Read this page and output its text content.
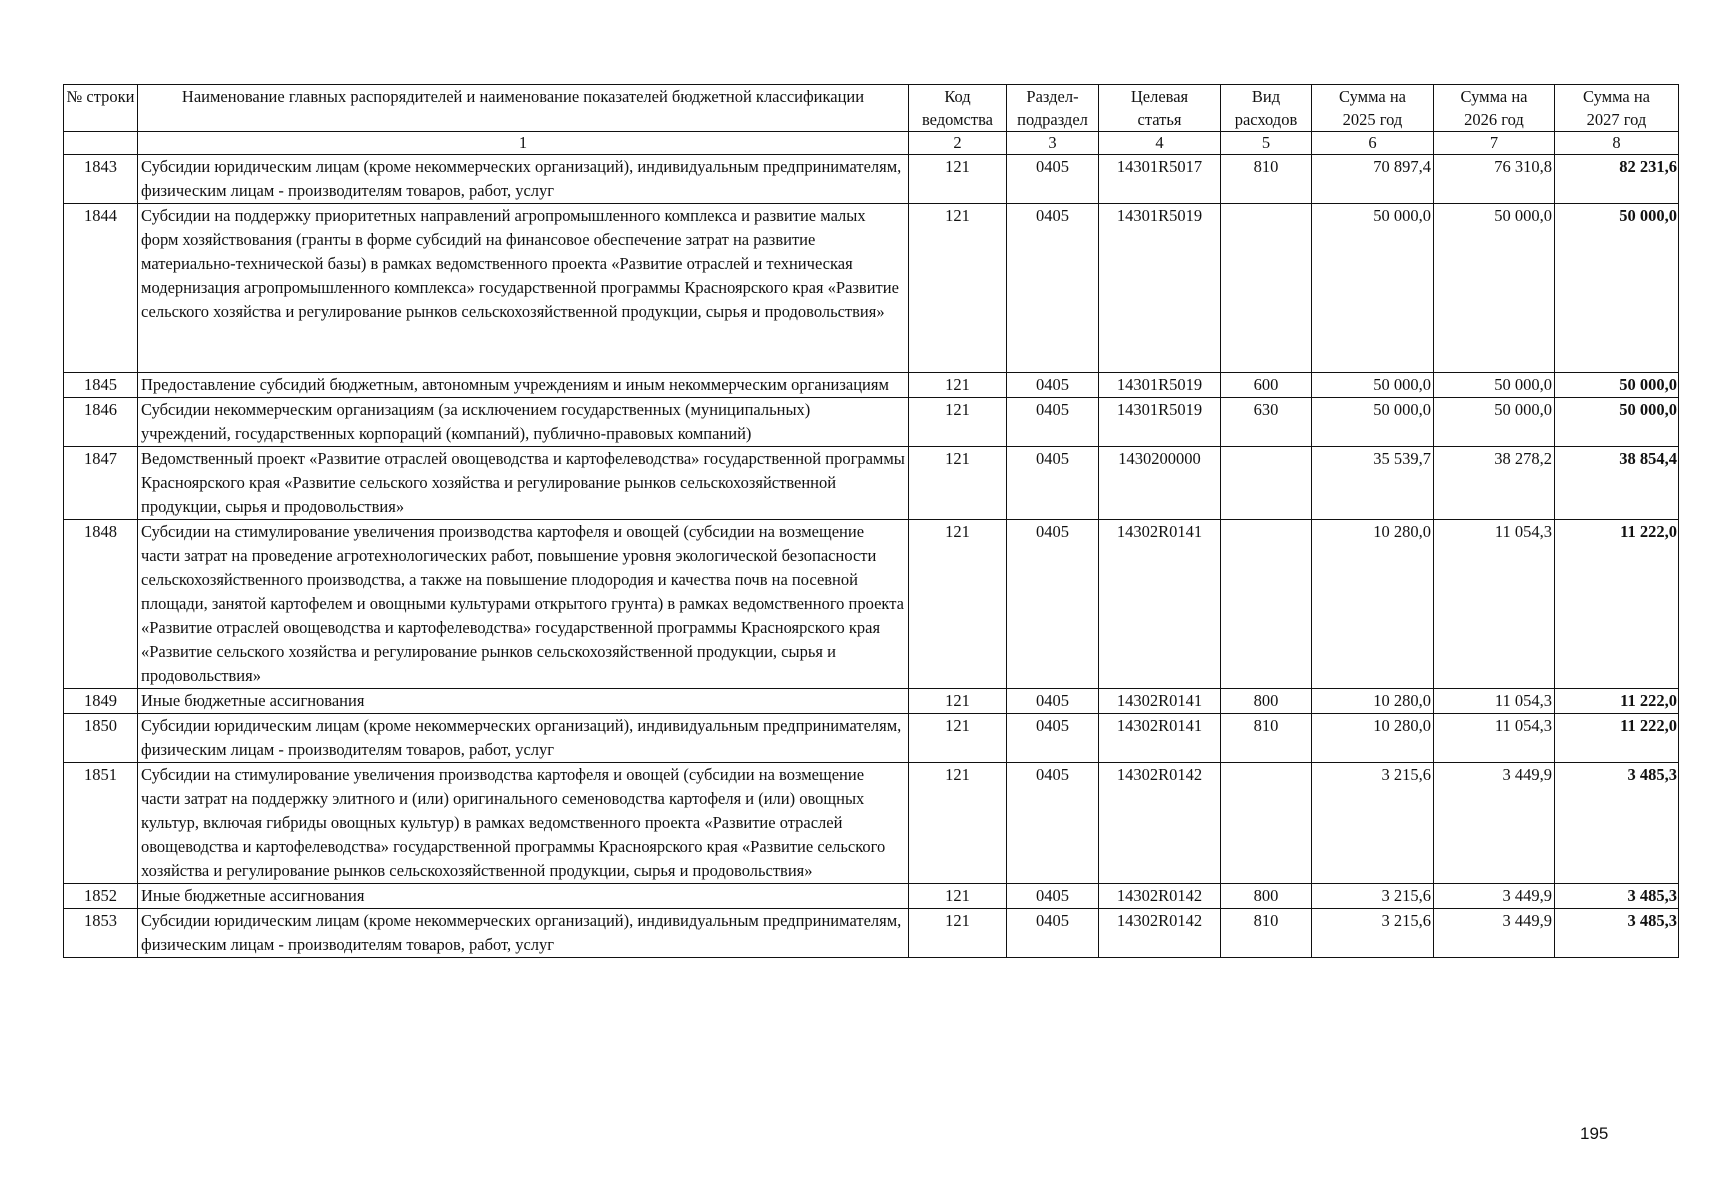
№ строки	Наименование главных распорядителей и наименование показателей бюджетной классификации	Код ведомства	Раздел-подраздел	Целевая статья	Вид расходов	Сумма на 2025 год	Сумма на 2026 год	Сумма на 2027 год
	1	2	3	4	5	6	7	8
1843	Субсидии юридическим лицам (кроме некоммерческих организаций), индивидуальным предпринимателям, физическим лицам - производителям товаров, работ, услуг	121	0405	14301R5017	810	70 897,4	76 310,8	82 231,6
1844	Субсидии на поддержку приоритетных направлений агропромышленного комплекса и развитие малых форм хозяйствования (гранты в форме субсидий на финансовое обеспечение затрат на развитие материально-технической базы) в рамках ведомственного проекта «Развитие отраслей и техническая модернизация агропромышленного комплекса» государственной программы Красноярского края «Развитие сельского хозяйства и регулирование рынков сельскохозяйственной продукции, сырья и продовольствия»	121	0405	14301R5019		50 000,0	50 000,0	50 000,0
1845	Предоставление субсидий бюджетным, автономным учреждениям и иным некоммерческим организациям	121	0405	14301R5019	600	50 000,0	50 000,0	50 000,0
1846	Субсидии некоммерческим организациям (за исключением государственных (муниципальных) учреждений, государственных корпораций (компаний), публично-правовых компаний)	121	0405	14301R5019	630	50 000,0	50 000,0	50 000,0
1847	Ведомственный проект «Развитие отраслей овощеводства и картофелеводства» государственной программы Красноярского края «Развитие сельского хозяйства и регулирование рынков сельскохозяйственной продукции, сырья и продовольствия»	121	0405	1430200000		35 539,7	38 278,2	38 854,4
1848	Субсидии на стимулирование увеличения производства картофеля и овощей (субсидии на возмещение части затрат на проведение агротехнологических работ, повышение уровня экологической безопасности сельскохозяйственного производства, а также на повышение плодородия и качества почв на посевной площади, занятой картофелем и овощными культурами открытого грунта) в рамках ведомственного проекта «Развитие отраслей овощеводства и картофелеводства» государственной программы Красноярского края «Развитие сельского хозяйства и регулирование рынков сельскохозяйственной продукции, сырья и продовольствия»	121	0405	14302R0141		10 280,0	11 054,3	11 222,0
1849	Иные бюджетные ассигнования	121	0405	14302R0141	800	10 280,0	11 054,3	11 222,0
1850	Субсидии юридическим лицам (кроме некоммерческих организаций), индивидуальным предпринимателям, физическим лицам - производителям товаров, работ, услуг	121	0405	14302R0141	810	10 280,0	11 054,3	11 222,0
1851	Субсидии на стимулирование увеличения производства картофеля и овощей (субсидии на возмещение части затрат на поддержку элитного и (или) оригинального семеноводства картофеля и (или) овощных культур, включая гибриды овощных культур) в рамках ведомственного проекта «Развитие отраслей овощеводства и картофелеводства» государственной программы Красноярского края «Развитие сельского хозяйства и регулирование рынков сельскохозяйственной продукции, сырья и продовольствия»	121	0405	14302R0142		3 215,6	3 449,9	3 485,3
1852	Иные бюджетные ассигнования	121	0405	14302R0142	800	3 215,6	3 449,9	3 485,3
1853	Субсидии юридическим лицам (кроме некоммерческих организаций), индивидуальным предпринимателям, физическим лицам - производителям товаров, работ, услуг	121	0405	14302R0142	810	3 215,6	3 449,9	3 485,3
195
